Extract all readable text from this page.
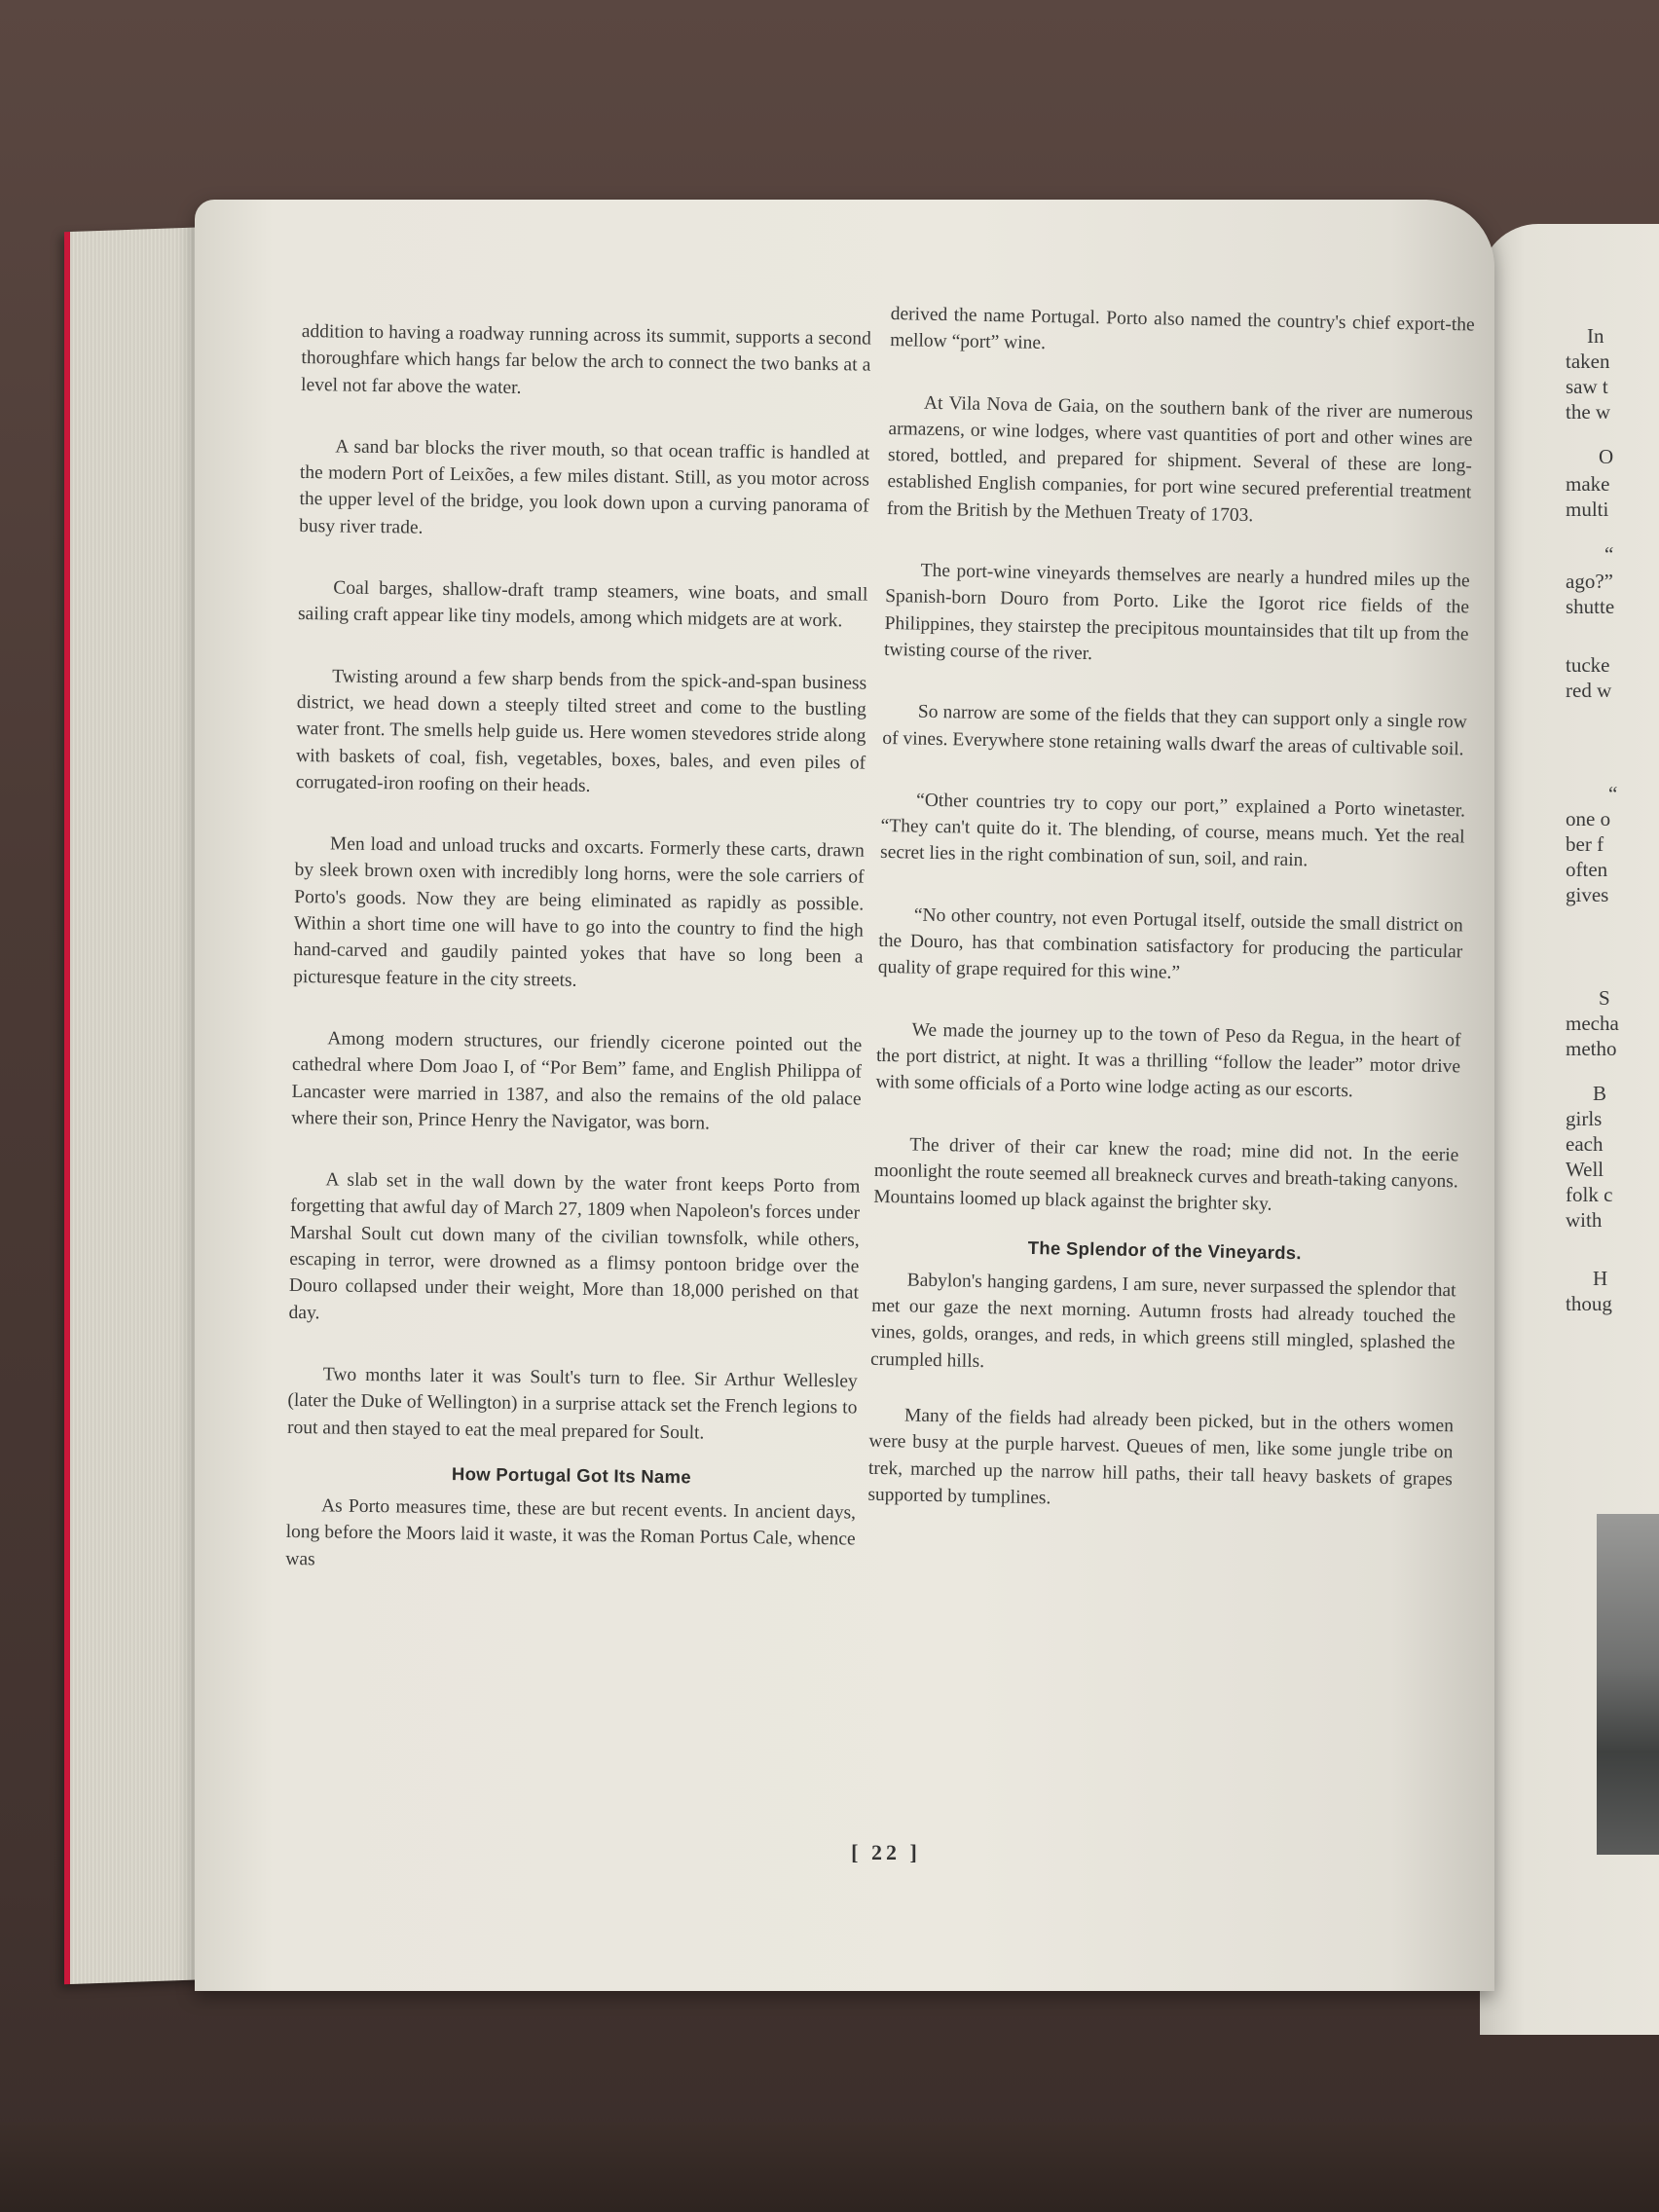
In
taken
saw t
the w
O
make
multi
“
ago?”
shutte
tucke
red w
“
one o
ber f
often
gives
S
mecha
metho
B
girls
each
Well
folk c
with
H
thoug

addition to having a roadway running across its summit, supports a second thoroughfare which hangs far below the arch to connect the two banks at a level not far above the water.

A sand bar blocks the river mouth, so that ocean traffic is handled at the modern Port of Leixões, a few miles distant. Still, as you motor across the upper level of the bridge, you look down upon a curving panorama of busy river trade.

Coal barges, shallow-draft tramp steamers, wine boats, and small sailing craft appear like tiny models, among which midgets are at work.

Twisting around a few sharp bends from the spick-and-span business district, we head down a steeply tilted street and come to the bustling water front. The smells help guide us. Here women stevedores stride along with baskets of coal, fish, vegetables, boxes, bales, and even piles of corrugated-iron roofing on their heads.

Men load and unload trucks and oxcarts. Formerly these carts, drawn by sleek brown oxen with incredibly long horns, were the sole carriers of Porto's goods. Now they are being eliminated as rapidly as possible. Within a short time one will have to go into the country to find the high hand-carved and gaudily painted yokes that have so long been a picturesque feature in the city streets.

Among modern structures, our friendly cicerone pointed out the cathedral where Dom Joao I, of “Por Bem” fame, and English Philippa of Lancaster were married in 1387, and also the remains of the old palace where their son, Prince Henry the Navigator, was born.

A slab set in the wall down by the water front keeps Porto from forgetting that awful day of March 27, 1809 when Napoleon's forces under Marshal Soult cut down many of the civilian townsfolk, while others, escaping in terror, were drowned as a flimsy pontoon bridge over the Douro collapsed under their weight, More than 18,000 perished on that day.

Two months later it was Soult's turn to flee. Sir Arthur Wellesley (later the Duke of Wellington) in a surprise attack set the French legions to rout and then stayed to eat the meal prepared for Soult.

How Portugal Got Its Name

As Porto measures time, these are but recent events. In ancient days, long before the Moors laid it waste, it was the Roman Portus Cale, whence was

derived the name Portugal. Porto also named the country's chief export-the mellow “port” wine.

At Vila Nova de Gaia, on the southern bank of the river are numerous armazens, or wine lodges, where vast quantities of port and other wines are stored, bottled, and prepared for shipment. Several of these are long-established English companies, for port wine secured preferential treatment from the British by the Methuen Treaty of 1703.

The port-wine vineyards themselves are nearly a hundred miles up the Spanish-born Douro from Porto. Like the Igorot rice fields of the Philippines, they stairstep the precipitous mountainsides that tilt up from the twisting course of the river.

So narrow are some of the fields that they can support only a single row of vines. Everywhere stone retaining walls dwarf the areas of cultivable soil.

“Other countries try to copy our port,” explained a Porto winetaster. “They can't quite do it. The blending, of course, means much. Yet the real secret lies in the right combination of sun, soil, and rain.

“No other country, not even Portugal itself, outside the small district on the Douro, has that combination satisfactory for producing the particular quality of grape required for this wine.”

We made the journey up to the town of Peso da Regua, in the heart of the port district, at night. It was a thrilling “follow the leader” motor drive with some officials of a Porto wine lodge acting as our escorts.

The driver of their car knew the road; mine did not. In the eerie moonlight the route seemed all breakneck curves and breath-taking canyons. Mountains loomed up black against the brighter sky.

The Splendor of the Vineyards.

Babylon's hanging gardens, I am sure, never surpassed the splendor that met our gaze the next morning. Autumn frosts had already touched the vines, golds, oranges, and reds, in which greens still mingled, splashed the crumpled hills.

Many of the fields had already been picked, but in the others women were busy at the purple harvest. Queues of men, like some jungle tribe on trek, marched up the narrow hill paths, their tall heavy baskets of grapes supported by tumplines.

[ 22 ]
